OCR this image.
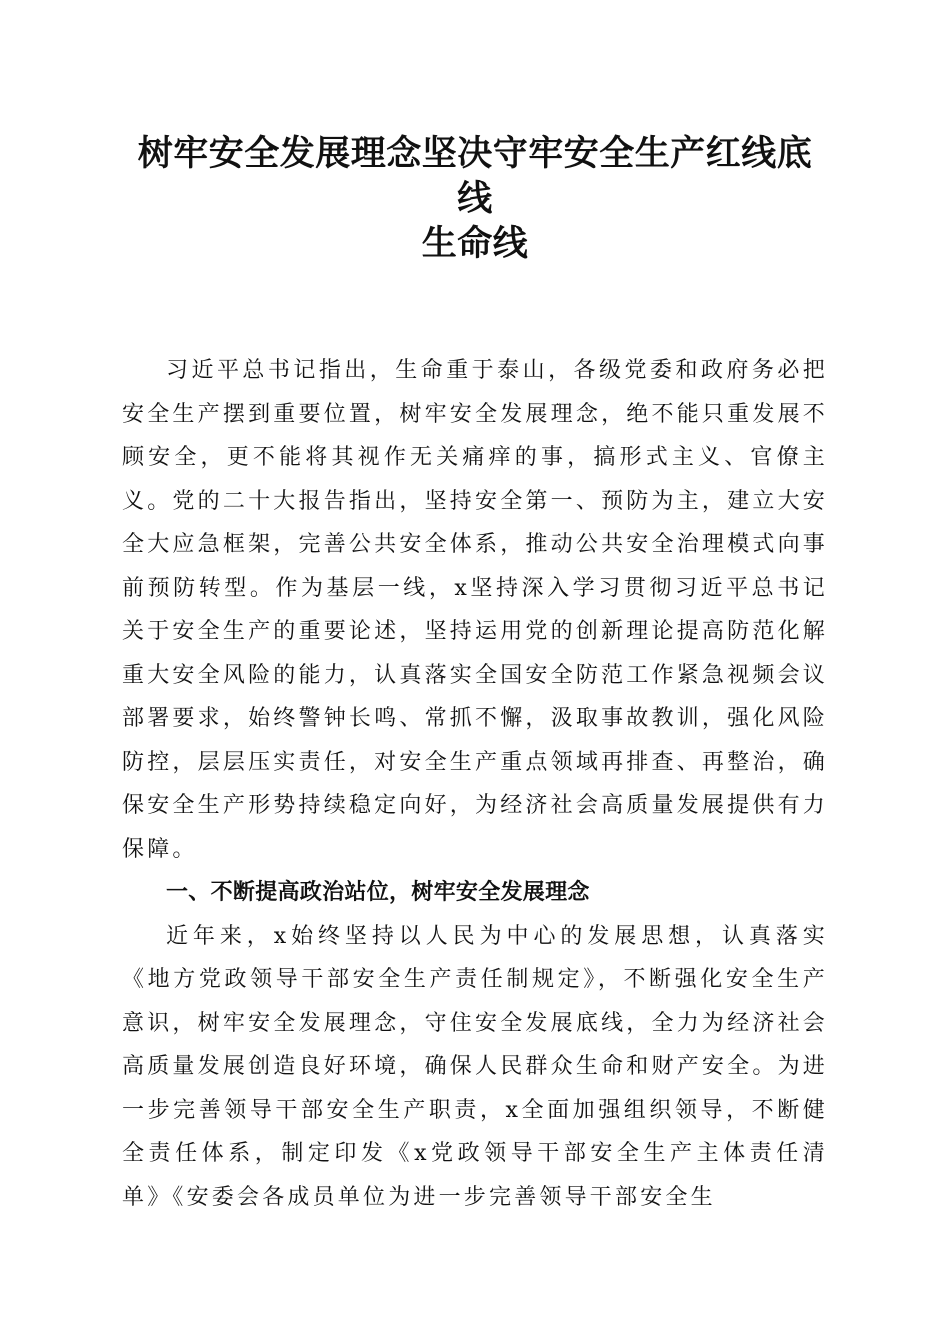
树牢安全发展理念坚决守牢安全生产红线底线
生命线

习近平总书记指出，生命重于泰山，各级党委和政府务必把安全生产摆到重要位置，树牢安全发展理念，绝不能只重发展不顾安全，更不能将其视作无关痛痒的事，搞形式主义、官僚主义。党的二十大报告指出，坚持安全第一、预防为主，建立大安全大应急框架，完善公共安全体系，推动公共安全治理模式向事前预防转型。作为基层一线，x坚持深入学习贯彻习近平总书记关于安全生产的重要论述，坚持运用党的创新理论提高防范化解重大安全风险的能力，认真落实全国安全防范工作紧急视频会议部署要求，始终警钟长鸣、常抓不懈，汲取事故教训，强化风险防控，层层压实责任，对安全生产重点领域再排查、再整治，确保安全生产形势持续稳定向好，为经济社会高质量发展提供有力保障。

一、不断提高政治站位，树牢安全发展理念

近年来，x始终坚持以人民为中心的发展思想，认真落实《地方党政领导干部安全生产责任制规定》，不断强化安全生产意识，树牢安全发展理念，守住安全发展底线，全力为经济社会高质量发展创造良好环境，确保人民群众生命和财产安全。为进一步完善领导干部安全生产职责，x全面加强组织领导，不断健全责任体系，制定印发《x党政领导干部安全生产主体责任清单》《安委会各成员单位为进一步完善领导干部安全生
